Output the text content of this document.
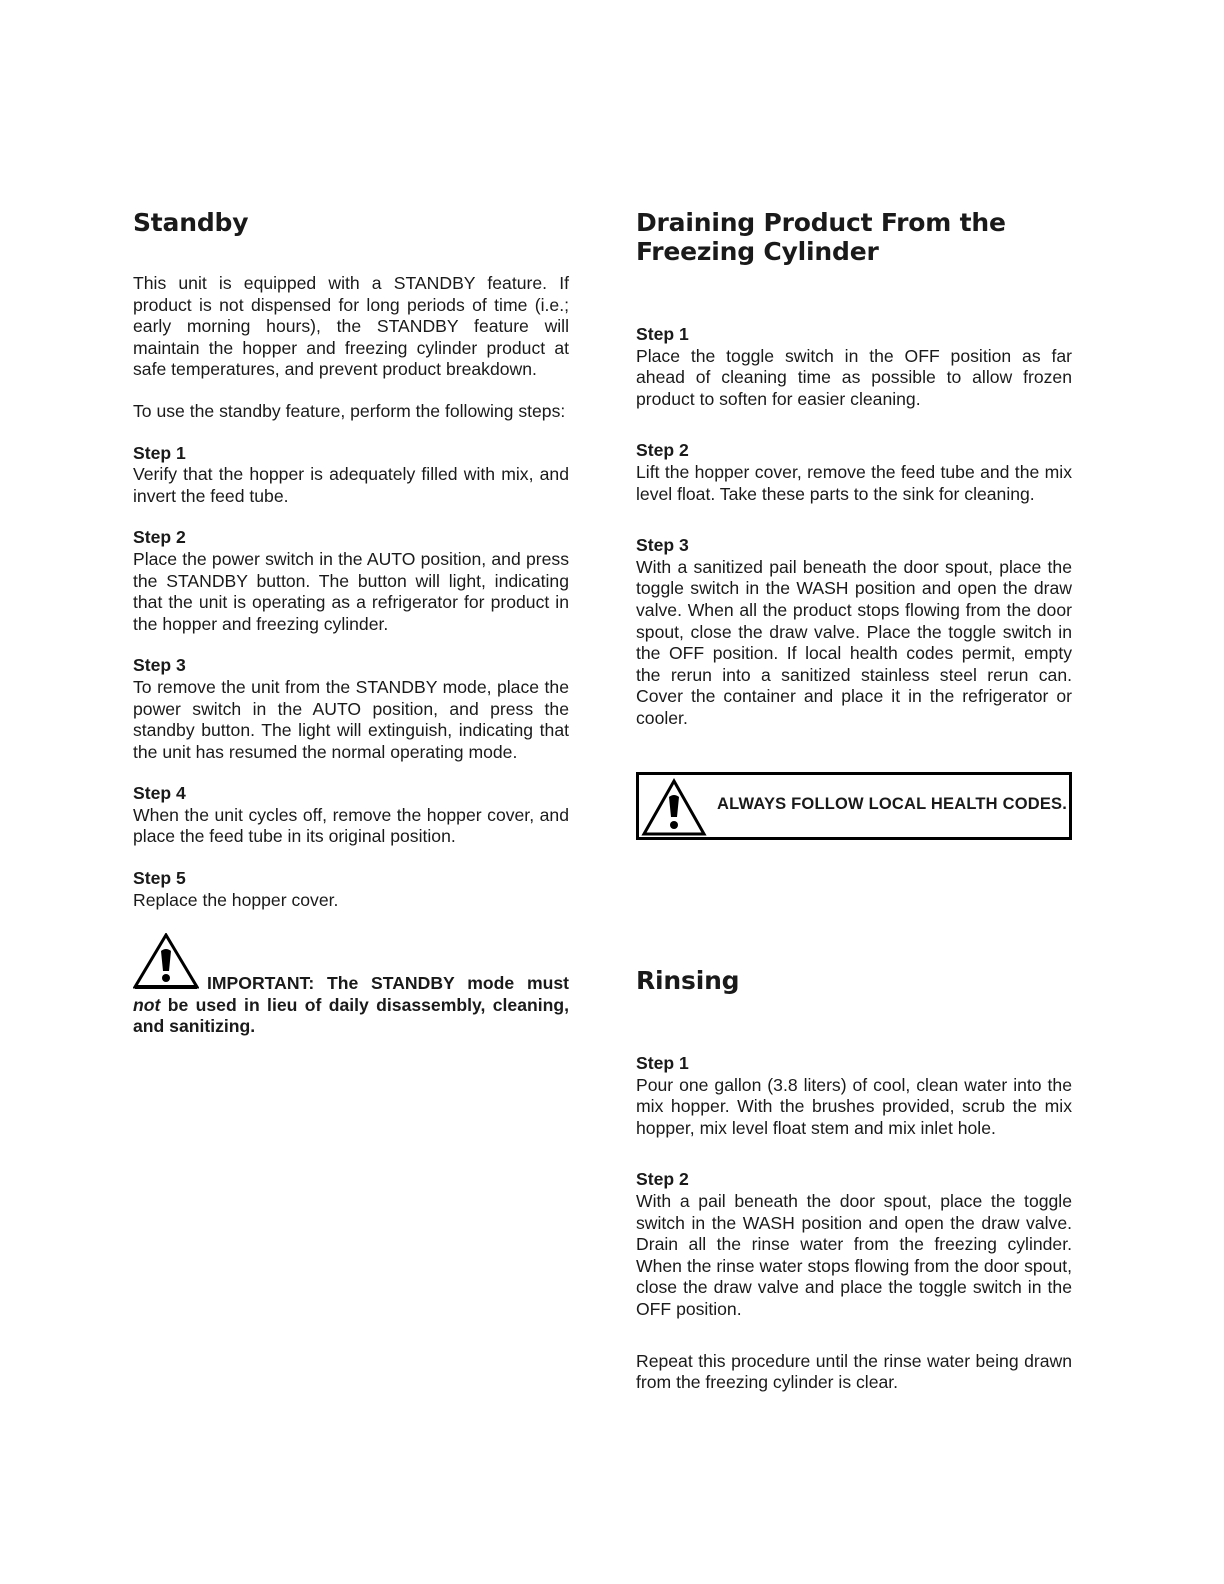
Standby

This unit is equipped with a STANDBY feature. If product is not dispensed for long periods of time (i.e.; early morning hours), the STANDBY feature will maintain the hopper and freezing cylinder product at safe temperatures, and prevent product breakdown.

To use the standby feature, perform the following steps:

Step 1

Verify that the hopper is adequately filled with mix, and invert the feed tube.

Step 2

Place the power switch in the AUTO position, and press the STANDBY button. The button will light, indicating that the unit is operating as a refrigerator for product in the hopper and freezing cylinder.

Step 3

To remove the unit from the STANDBY mode, place the power switch in the AUTO position, and press the standby button. The light will extinguish, indicating that the unit has resumed the normal operating mode.

Step 4

When the unit cycles off, remove the hopper cover, and place the feed tube in its original position.

Step 5

Replace the hopper cover.

IMPORTANT: The STANDBY mode must not be used in lieu of daily disassembly, cleaning, and sanitizing.
Draining Product From the
Freezing Cylinder
Step 1

Place the toggle switch in the OFF position as far ahead of cleaning time as possible to allow frozen product to soften for easier cleaning.

Step 2

Lift the hopper cover, remove the feed tube and the mix level float. Take these parts to the sink for cleaning.

Step 3

With a sanitized pail beneath the door spout, place the toggle switch in the WASH position and open the draw valve. When all the product stops flowing from the door spout, close the draw valve. Place the toggle switch in the OFF position. If local health codes permit, empty the rerun into a sanitized stainless steel rerun can. Cover the container and place it in the refrigerator or cooler.

ALWAYS FOLLOW LOCAL HEALTH CODES.
Rinsing
Step 1

Pour one gallon (3.8 liters) of cool, clean water into the mix hopper. With the brushes provided, scrub the mix hopper, mix level float stem and mix inlet hole.

Step 2

With a pail beneath the door spout, place the toggle switch in the WASH position and open the draw valve. Drain all the rinse water from the freezing cylinder. When the rinse water stops flowing from the door spout, close the draw valve and place the toggle switch in the OFF position.

Repeat this procedure until the rinse water being drawn from the freezing cylinder is clear.
